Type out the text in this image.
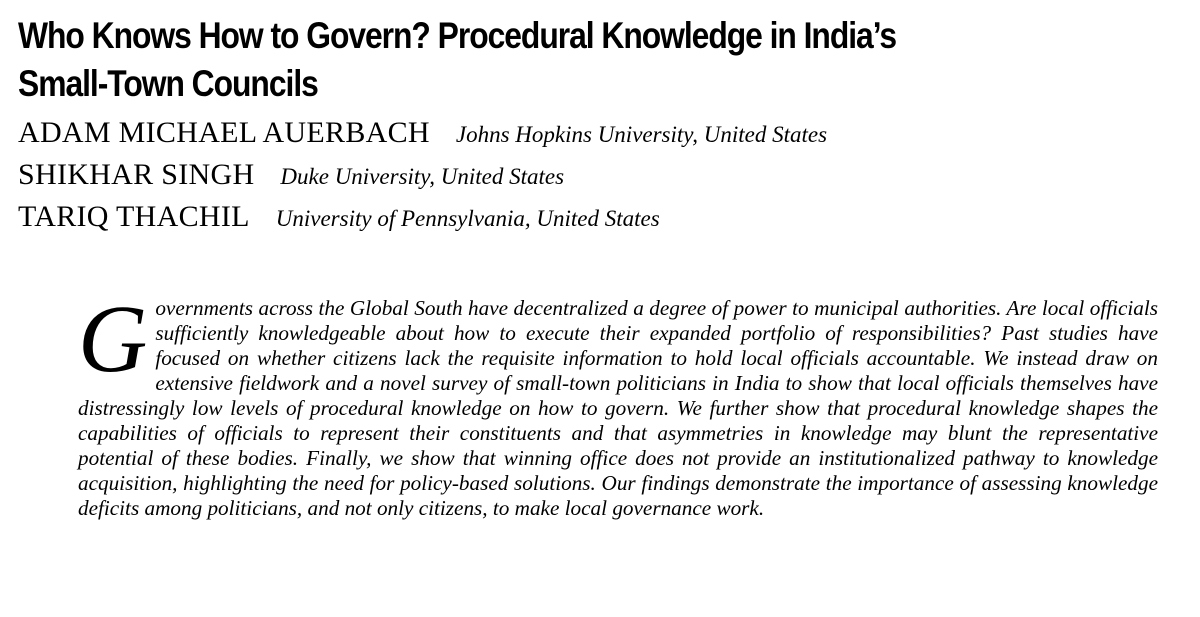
Who Knows How to Govern? Procedural Knowledge in India’s
Small-Town Councils
ADAM MICHAEL AUERBACH Johns Hopkins University, United States
SHIKHAR SINGH Duke University, United States
TARIQ THACHIL University of Pennsylvania, United States

Governments across the Global South have decentralized a degree of power to municipal authorities. Are local officials sufficiently knowledgeable about how to execute their expanded portfolio of responsibilities? Past studies have focused on whether citizens lack the requisite information to hold local officials accountable. We instead draw on extensive fieldwork and a novel survey of small-town politicians in India to show that local officials themselves have distressingly low levels of procedural knowledge on how to govern. We further show that procedural knowledge shapes the capabilities of officials to represent their constituents and that asymmetries in knowledge may blunt the representative potential of these bodies. Finally, we show that winning office does not provide an institutionalized pathway to knowledge acquisition, highlighting the need for policy-based solutions. Our findings demonstrate the importance of assessing knowledge deficits among politicians, and not only citizens, to make local governance work.
